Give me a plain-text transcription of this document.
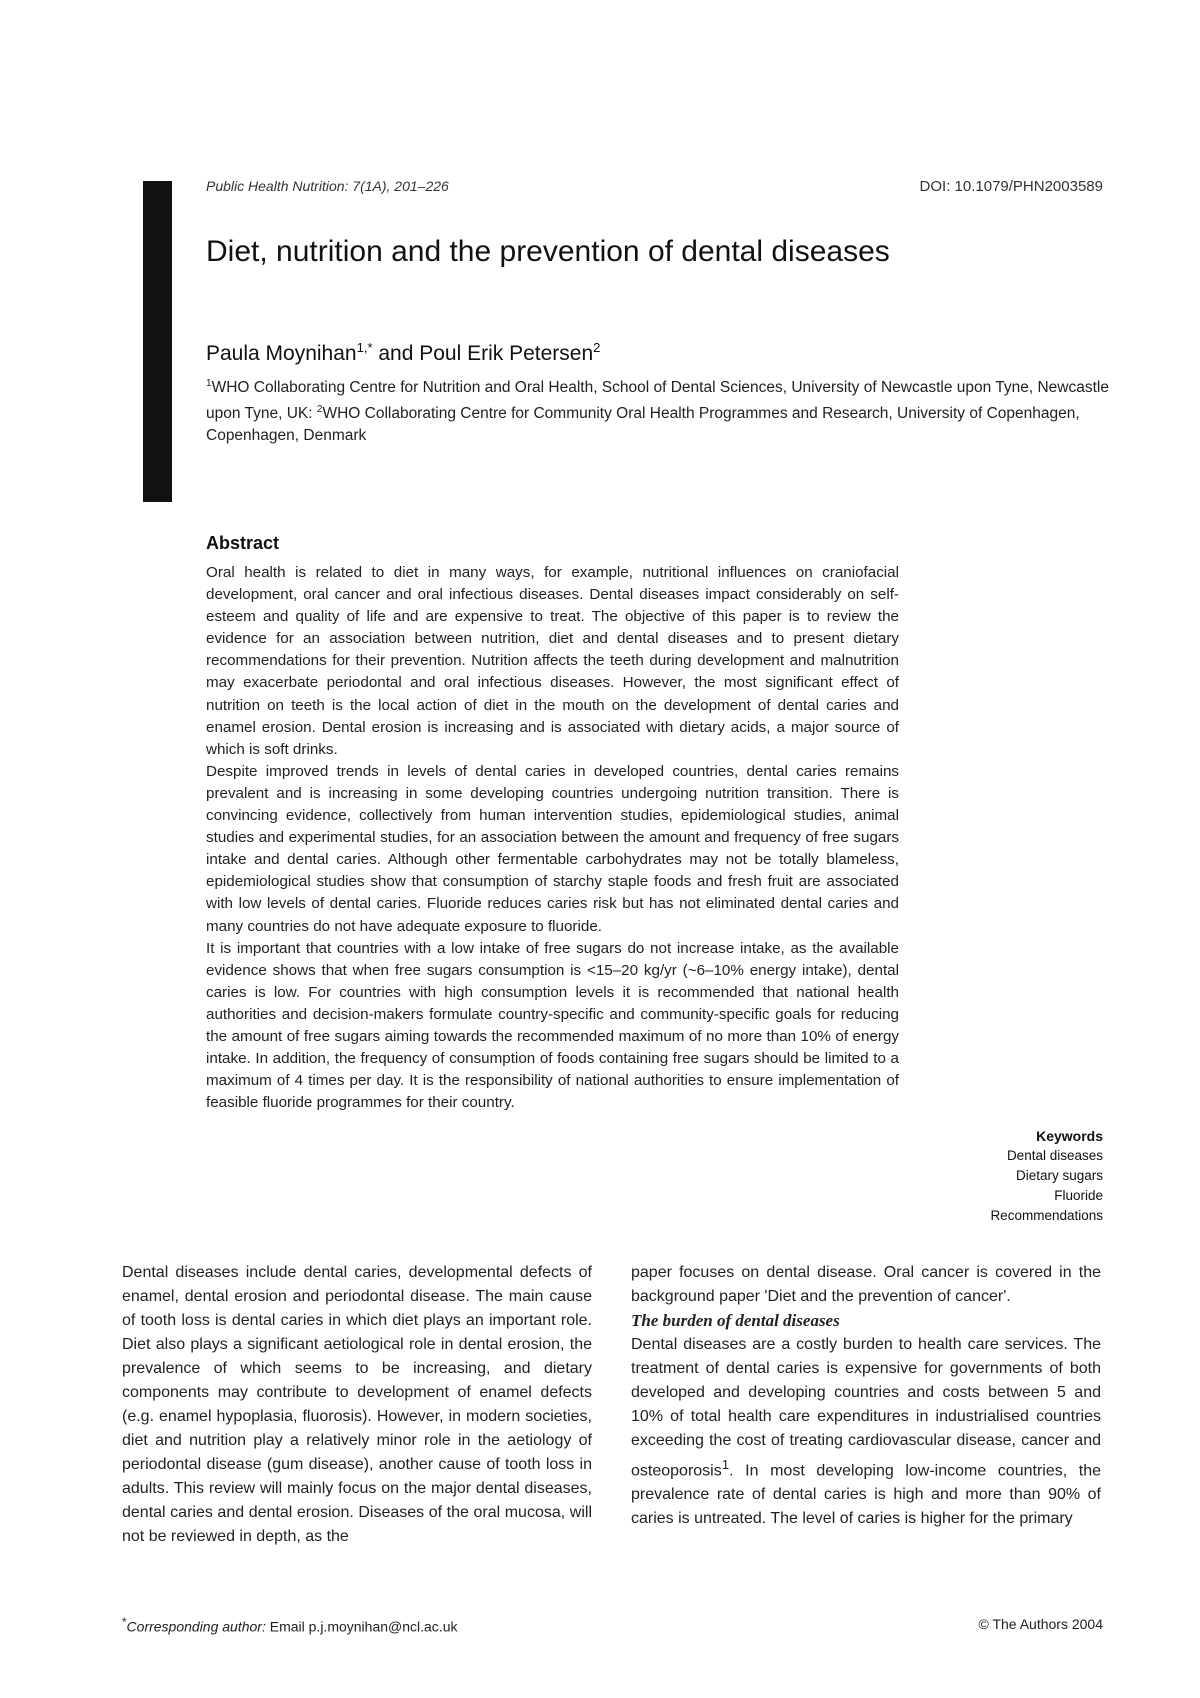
Public Health Nutrition: 7(1A), 201–226	DOI: 10.1079/PHN2003589
Diet, nutrition and the prevention of dental diseases
Paula Moynihan$^{1,*}$ and Poul Erik Petersen$^2$
$^1$WHO Collaborating Centre for Nutrition and Oral Health, School of Dental Sciences, University of Newcastle upon Tyne, Newcastle upon Tyne, UK: $^2$WHO Collaborating Centre for Community Oral Health Programmes and Research, University of Copenhagen, Copenhagen, Denmark
Abstract

Oral health is related to diet in many ways, for example, nutritional influences on craniofacial development, oral cancer and oral infectious diseases. Dental diseases impact considerably on self-esteem and quality of life and are expensive to treat. The objective of this paper is to review the evidence for an association between nutrition, diet and dental diseases and to present dietary recommendations for their prevention. Nutrition affects the teeth during development and malnutrition may exacerbate periodontal and oral infectious diseases. However, the most significant effect of nutrition on teeth is the local action of diet in the mouth on the development of dental caries and enamel erosion. Dental erosion is increasing and is associated with dietary acids, a major source of which is soft drinks.

Despite improved trends in levels of dental caries in developed countries, dental caries remains prevalent and is increasing in some developing countries undergoing nutrition transition. There is convincing evidence, collectively from human intervention studies, epidemiological studies, animal studies and experimental studies, for an association between the amount and frequency of free sugars intake and dental caries. Although other fermentable carbohydrates may not be totally blameless, epidemiological studies show that consumption of starchy staple foods and fresh fruit are associated with low levels of dental caries. Fluoride reduces caries risk but has not eliminated dental caries and many countries do not have adequate exposure to fluoride.

It is important that countries with a low intake of free sugars do not increase intake, as the available evidence shows that when free sugars consumption is <15–20 kg/yr (~6–10% energy intake), dental caries is low. For countries with high consumption levels it is recommended that national health authorities and decision-makers formulate country-specific and community-specific goals for reducing the amount of free sugars aiming towards the recommended maximum of no more than 10% of energy intake. In addition, the frequency of consumption of foods containing free sugars should be limited to a maximum of 4 times per day. It is the responsibility of national authorities to ensure implementation of feasible fluoride programmes for their country.

Keywords
Dental diseases
Dietary sugars
Fluoride
Recommendations

Dental diseases include dental caries, developmental defects of enamel, dental erosion and periodontal disease. The main cause of tooth loss is dental caries in which diet plays an important role. Diet also plays a significant aetiological role in dental erosion, the prevalence of which seems to be increasing, and dietary components may contribute to development of enamel defects (e.g. enamel hypoplasia, fluorosis). However, in modern societies, diet and nutrition play a relatively minor role in the aetiology of periodontal disease (gum disease), another cause of tooth loss in adults. This review will mainly focus on the major dental diseases, dental caries and dental erosion. Diseases of the oral mucosa, will not be reviewed in depth, as the

paper focuses on dental disease. Oral cancer is covered in the background paper 'Diet and the prevention of cancer'.

The burden of dental diseases

Dental diseases are a costly burden to health care services. The treatment of dental caries is expensive for governments of both developed and developing countries and costs between 5 and 10% of total health care expenditures in industrialised countries exceeding the cost of treating cardiovascular disease, cancer and osteoporosis$^1$. In most developing low-income countries, the prevalence rate of dental caries is high and more than 90% of caries is untreated. The level of caries is higher for the primary

*Corresponding author: Email p.j.moynihan@ncl.ac.uk	© The Authors 2004
